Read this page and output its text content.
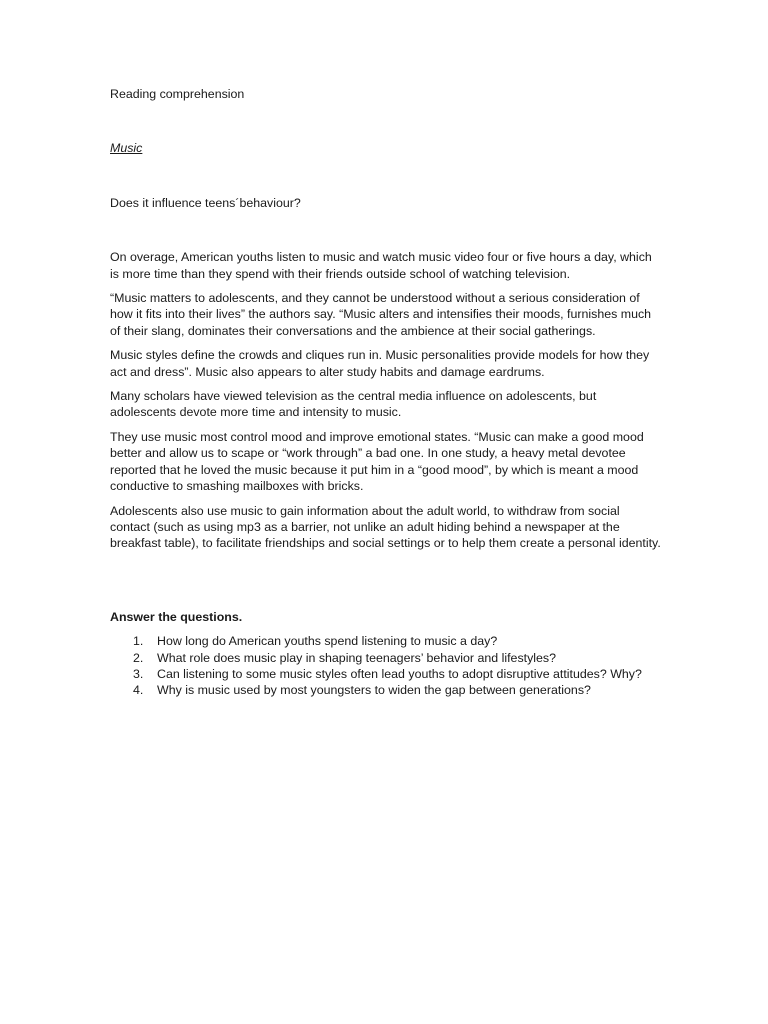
Reading comprehension
Music
Does it influence teens´behaviour?

On overage, American youths listen to music and watch music video four or five hours a day, which is more time than they spend with their friends outside school of watching television.

“Music matters to adolescents, and they cannot be understood without a serious consideration of how it fits into their lives” the authors say. “Music alters and intensifies their moods, furnishes much of their slang, dominates their conversations and the ambience at their social gatherings.

Music styles define the crowds and cliques run in. Music personalities provide models for how they act and dress”. Music also appears to alter study habits and damage eardrums.

Many scholars have viewed television as the central media influence on adolescents, but adolescents devote more time and intensity to music.

They use music most control mood and improve emotional states. “Music can make a good mood better and allow us to scape or “work through” a bad one. In one study, a heavy metal devotee reported that he loved the music because it put him in a “good mood”, by which is meant a mood conductive to smashing mailboxes with bricks.

Adolescents also use music to gain information about the adult world, to withdraw from social contact (such as using mp3 as a barrier, not unlike an adult hiding behind a newspaper at the breakfast table), to facilitate friendships and social settings or to help them create a personal identity.

Answer the questions.
1. How long do American youths spend listening to music a day?
2. What role does music play in shaping teenagers’ behavior and lifestyles?
3. Can listening to some music styles often lead youths to adopt disruptive attitudes? Why?
4. Why is music used by most youngsters to widen the gap between generations?
